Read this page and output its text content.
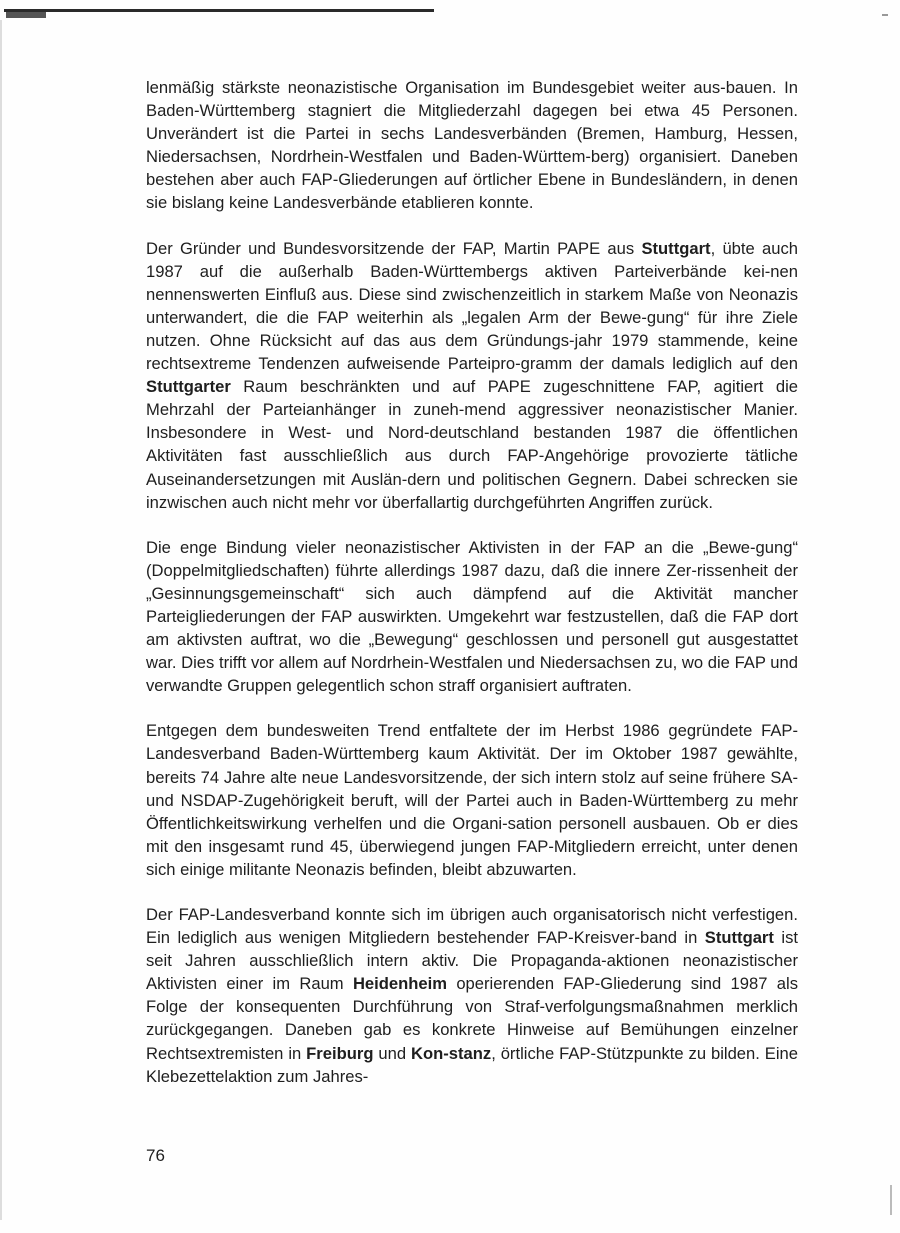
lenmäßig stärkste neonazistische Organisation im Bundesgebiet weiter aus-bauen. In Baden-Württemberg stagniert die Mitgliederzahl dagegen bei etwa 45 Personen. Unverändert ist die Partei in sechs Landesverbänden (Bremen, Hamburg, Hessen, Niedersachsen, Nordrhein-Westfalen und Baden-Württem-berg) organisiert. Daneben bestehen aber auch FAP-Gliederungen auf örtlicher Ebene in Bundesländern, in denen sie bislang keine Landesverbände etablieren konnte.

Der Gründer und Bundesvorsitzende der FAP, Martin PAPE aus Stuttgart, übte auch 1987 auf die außerhalb Baden-Württembergs aktiven Parteiverbände kei-nen nennenswerten Einfluß aus. Diese sind zwischenzeitlich in starkem Maße von Neonazis unterwandert, die die FAP weiterhin als „legalen Arm der Bewe-gung“ für ihre Ziele nutzen. Ohne Rücksicht auf das aus dem Gründungs-jahr 1979 stammende, keine rechtsextreme Tendenzen aufweisende Parteipro-gramm der damals lediglich auf den Stuttgarter Raum beschränkten und auf PAPE zugeschnittene FAP, agitiert die Mehrzahl der Parteianhänger in zuneh-mend aggressiver neonazistischer Manier. Insbesondere in West- und Nord-deutschland bestanden 1987 die öffentlichen Aktivitäten fast ausschließlich aus durch FAP-Angehörige provozierte tätliche Auseinandersetzungen mit Auslän-dern und politischen Gegnern. Dabei schrecken sie inzwischen auch nicht mehr vor überfallartig durchgeführten Angriffen zurück.

Die enge Bindung vieler neonazistischer Aktivisten in der FAP an die „Bewe-gung“ (Doppelmitgliedschaften) führte allerdings 1987 dazu, daß die innere Zer-rissenheit der „Gesinnungsgemeinschaft“ sich auch dämpfend auf die Aktivität mancher Parteigliederungen der FAP auswirkten. Umgekehrt war festzustellen, daß die FAP dort am aktivsten auftrat, wo die „Bewegung“ geschlossen und personell gut ausgestattet war. Dies trifft vor allem auf Nordrhein-Westfalen und Niedersachsen zu, wo die FAP und verwandte Gruppen gelegentlich schon straff organisiert auftraten.

Entgegen dem bundesweiten Trend entfaltete der im Herbst 1986 gegründete FAP-Landesverband Baden-Württemberg kaum Aktivität. Der im Oktober 1987 gewählte, bereits 74 Jahre alte neue Landesvorsitzende, der sich intern stolz auf seine frühere SA- und NSDAP-Zugehörigkeit beruft, will der Partei auch in Baden-Württemberg zu mehr Öffentlichkeitswirkung verhelfen und die Organi-sation personell ausbauen. Ob er dies mit den insgesamt rund 45, überwiegend jungen FAP-Mitgliedern erreicht, unter denen sich einige militante Neonazis befinden, bleibt abzuwarten.

Der FAP-Landesverband konnte sich im übrigen auch organisatorisch nicht verfestigen. Ein lediglich aus wenigen Mitgliedern bestehender FAP-Kreisver-band in Stuttgart ist seit Jahren ausschließlich intern aktiv. Die Propaganda-aktionen neonazistischer Aktivisten einer im Raum Heidenheim operierenden FAP-Gliederung sind 1987 als Folge der konsequenten Durchführung von Straf-verfolgungsmaßnahmen merklich zurückgegangen. Daneben gab es konkrete Hinweise auf Bemühungen einzelner Rechtsextremisten in Freiburg und Kon-stanz, örtliche FAP-Stützpunkte zu bilden. Eine Klebezettelaktion zum Jahres-

76
